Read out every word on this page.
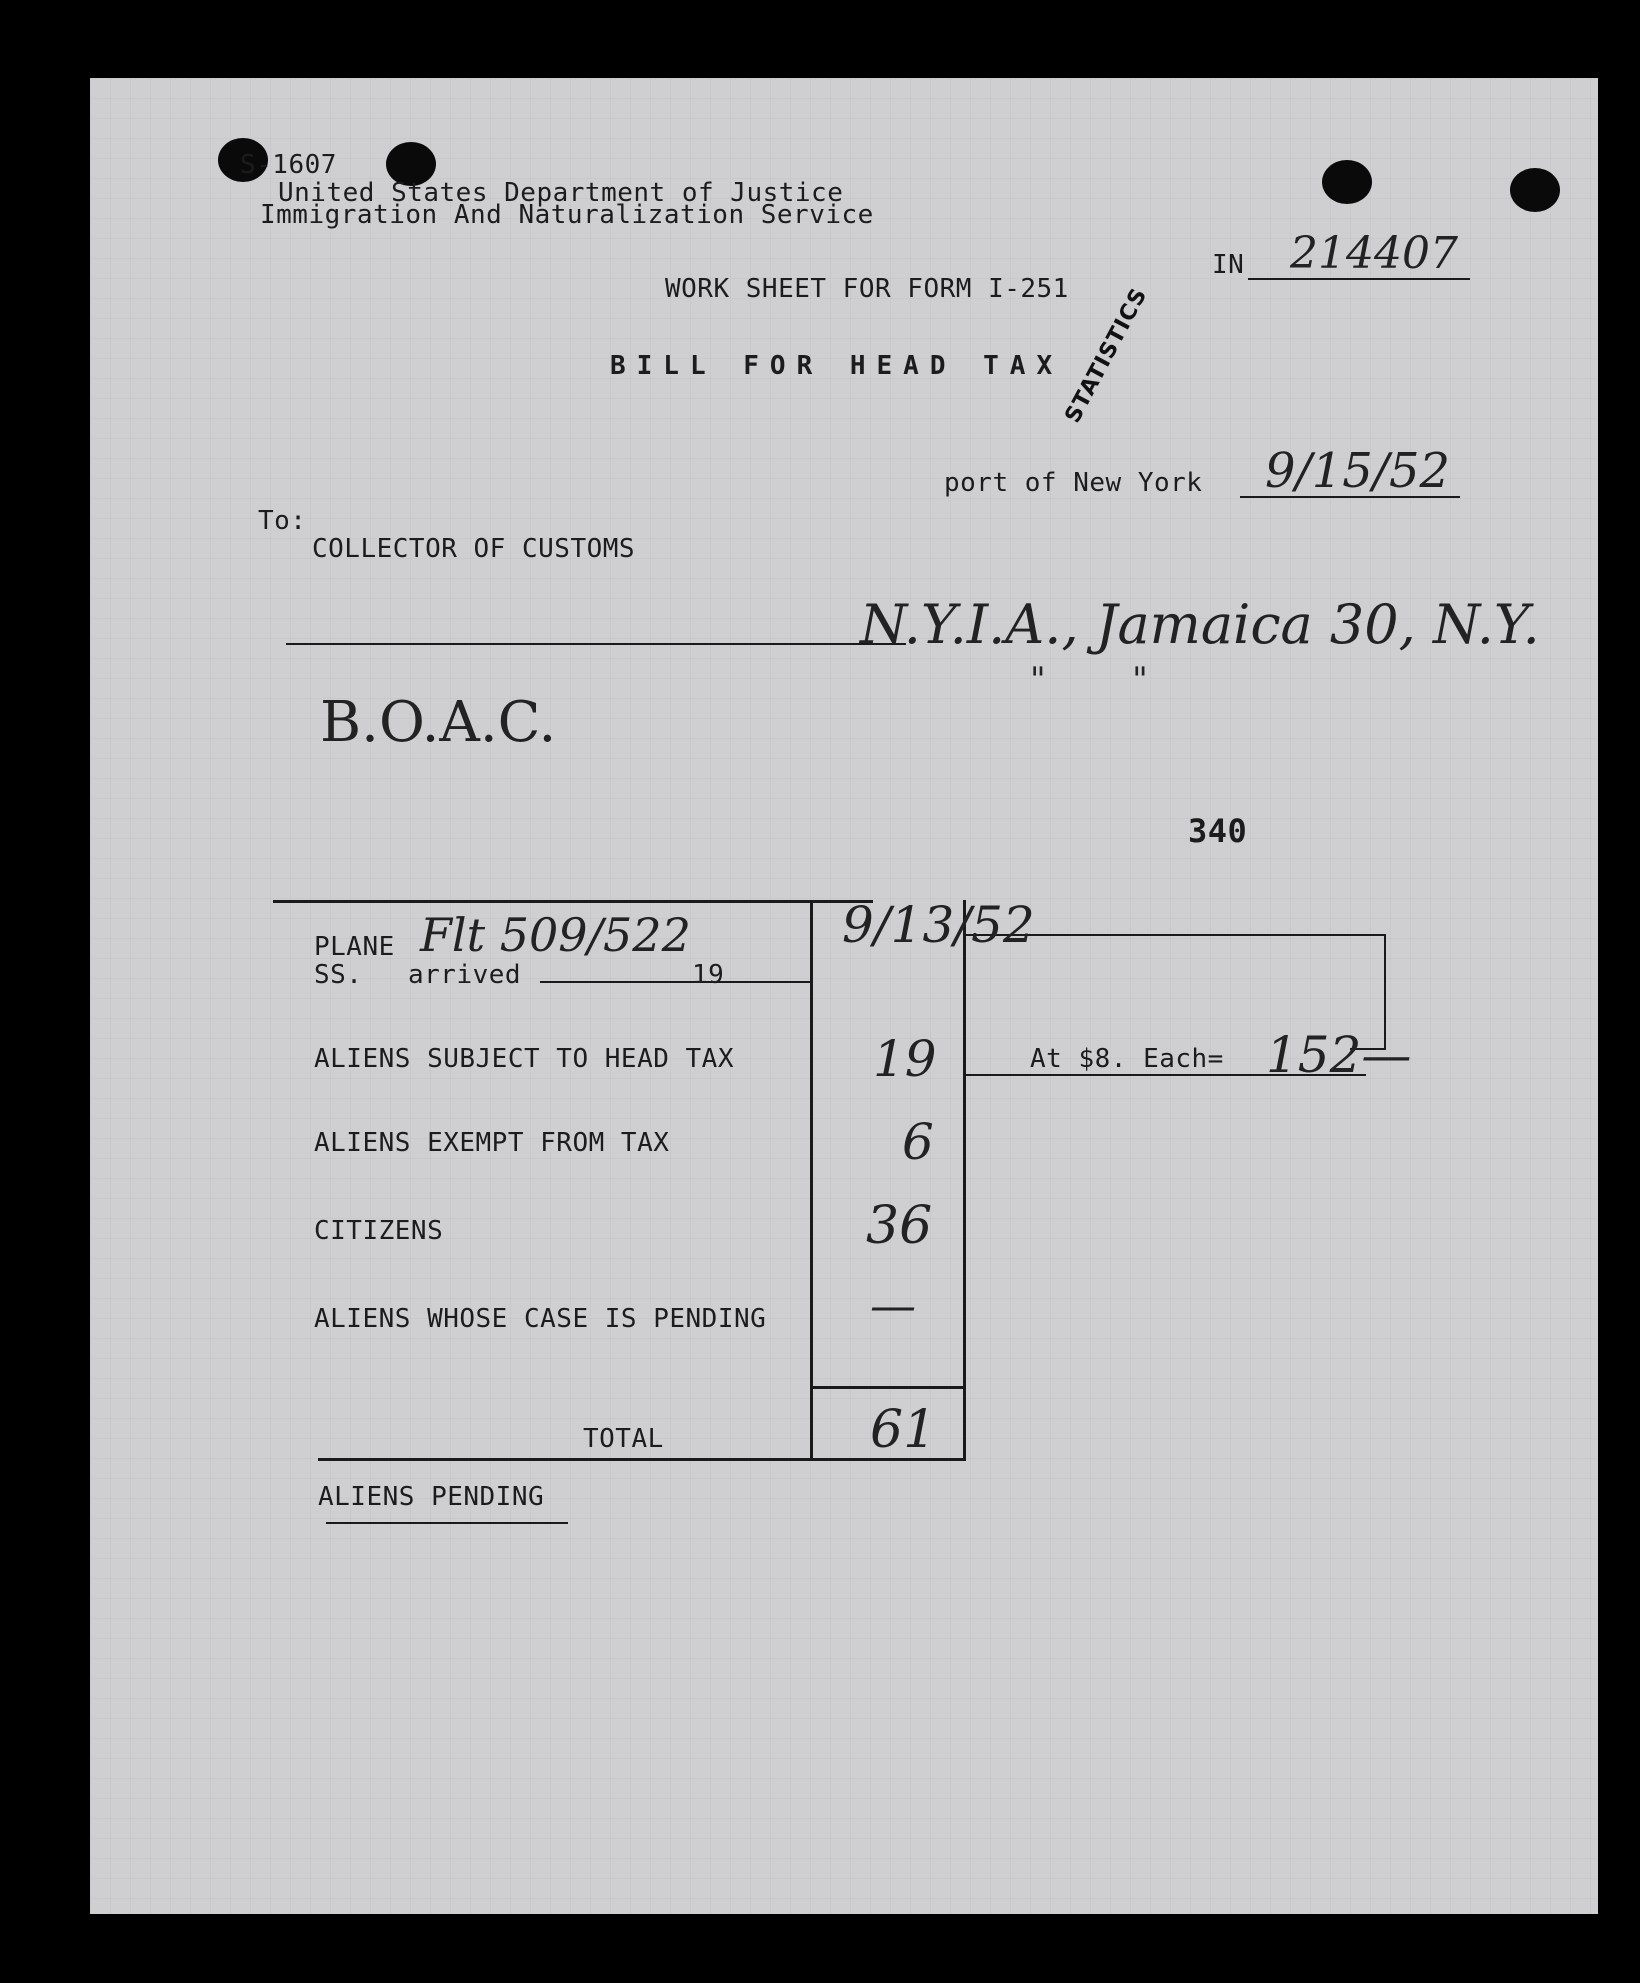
S-1607
United States Department of Justice
Immigration And Naturalization Service
WORK SHEET FOR FORM I-251
IN 214407
BILL FOR HEAD TAX
STATISTICS
port of New York 9/15/52
To:
COLLECTOR OF CUSTOMS
N.Y.I.A., Jamaica 30, N.Y.
"        "
B.O.A.C.
340
PLANE Flt 509/522
SS. arrived	19
9/13/52
ALIENS SUBJECT TO HEAD TAX	19	At $8. Each= 152—
ALIENS EXEMPT FROM TAX	6
CITIZENS	36
ALIENS WHOSE CASE IS PENDING —
TOTAL	61
ALIENS PENDING
